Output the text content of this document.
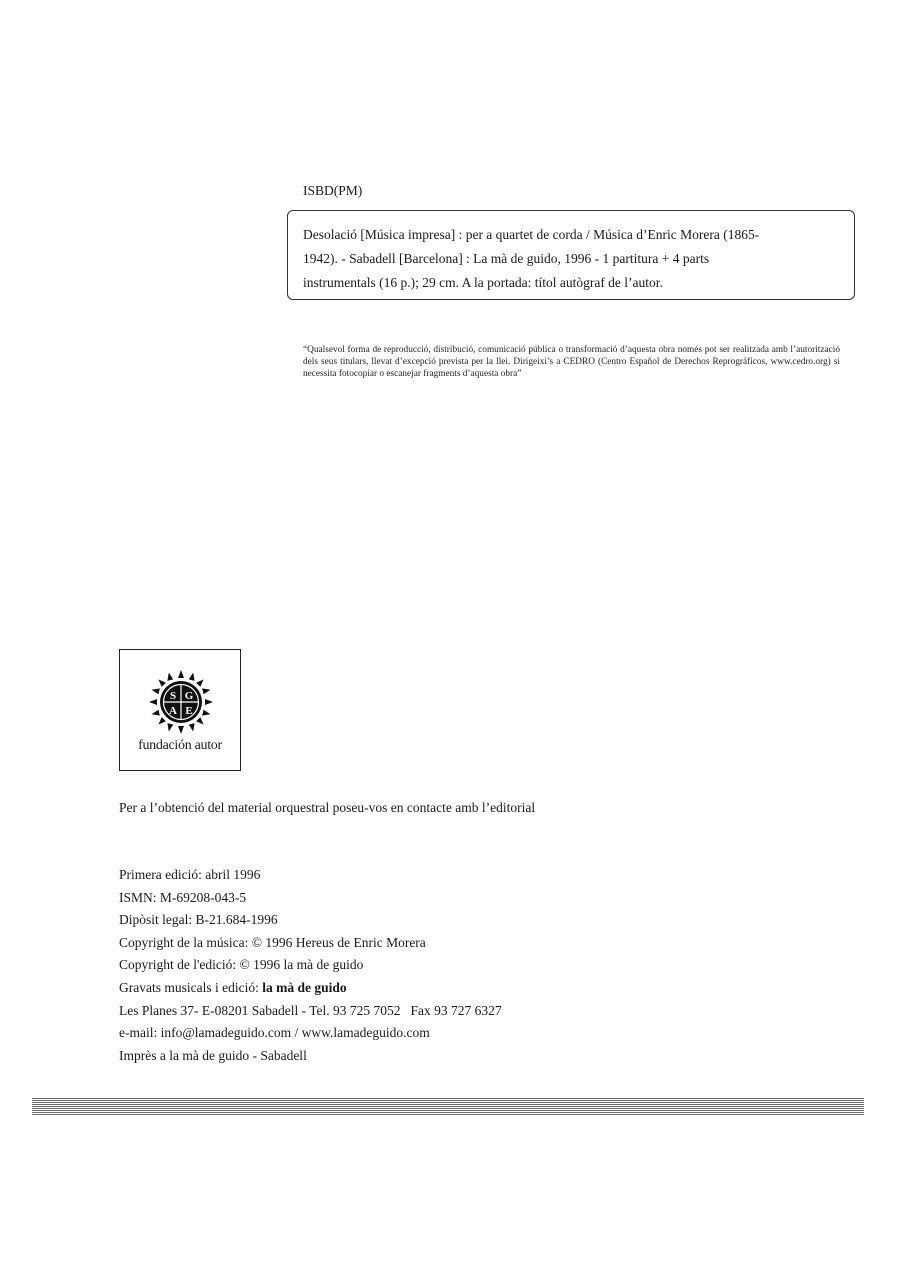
ISBD(PM)
Desolació [Música impresa] : per a quartet de corda / Música d’Enric Morera (1865-
1942). - Sabadell [Barcelona] : La mà de guido, 1996 - 1 partitura + 4 parts
instrumentals (16 p.); 29 cm. A la portada: títol autògraf de l’autor.
“Qualsevol forma de reproducció, distribució, comunicació pública o transformació d’aquesta obra només pot ser realitzada amb l’autorització dels seus titulars, llevat d’excepció prevista per la llei. Dirigeixi’s a CEDRO (Centro Español de Derechos Reprográficos, www.cedro.org) si necessita fotocopiar o escanejar fragments d’aquesta obra”
S G
A E
fundación autor
Per a l’obtenció del material orquestral poseu-vos en contacte amb l’editorial
Primera edició: abril 1996
ISMN: M-69208-043-5
Dipòsit legal: B-21.684-1996
Copyright de la música: © 1996 Hereus de Enric Morera
Copyright de l'edició: © 1996 la mà de guido
Gravats musicals i edició: la mà de guido
Les Planes 37- E-08201 Sabadell - Tel. 93 725 7052 Fax 93 727 6327
e-mail: info@lamadeguido.com / www.lamadeguido.com
Imprès a la mà de guido - Sabadell
